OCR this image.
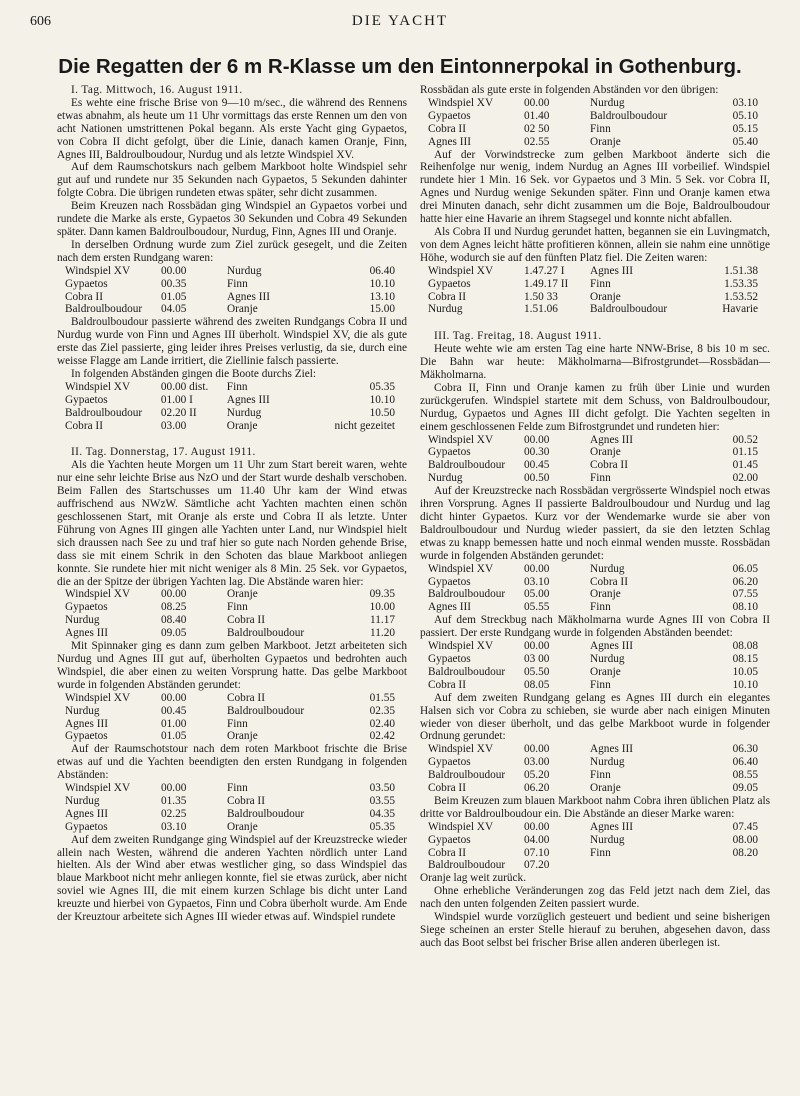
606	DIE YACHT
Die Regatten der 6 m R-Klasse um den Eintonnerpokal in Gothenburg.

I. Tag. Mittwoch, 16. August 1911.

Es wehte eine frische Brise von 9—10 m/sec., die während des Rennens etwas abnahm, als heute um 11 Uhr vormittags das erste Rennen um den von acht Nationen umstrittenen Pokal begann. Als erste Yacht ging Gypaetos, von Cobra II dicht gefolgt, über die Linie, danach kamen Oranje, Finn, Agnes III, Baldroulboudour, Nurdug und als letzte Windspiel XV.

Auf dem Raumschotskurs nach gelbem Markboot holte Windspiel sehr gut auf und rundete nur 35 Sekunden nach Gypaetos, 5 Sekunden dahinter folgte Cobra. Die übrigen rundeten etwas später, sehr dicht zusammen.

Beim Kreuzen nach Rossbädan ging Windspiel an Gypaetos vorbei und rundete die Marke als erste, Gypaetos 30 Sekunden und Cobra 49 Sekunden später. Dann kamen Baldroulboudour, Nurdug, Finn, Agnes III und Oranje.

In derselben Ordnung wurde zum Ziel zurück gesegelt, und die Zeiten nach dem ersten Rundgang waren:

Windspiel XV	00.00	Nurdug	06.40
Gypaetos	00.35	Finn	10.10
Cobra II	01.05	Agnes III	13.10
Baldroulboudour	04.05	Oranje	15.00

Baldroulboudour passierte während des zweiten Rundgangs Cobra II und Nurdug wurde von Finn und Agnes III überholt. Windspiel XV, die als gute erste das Ziel passierte, ging leider ihres Preises verlustig, da sie, durch eine weisse Flagge am Lande irritiert, die Ziellinie falsch passierte.

In folgenden Abständen gingen die Boote durchs Ziel:

Windspiel XV	00.00 dist.	Finn	05.35
Gypaetos	01.00 I	Agnes III	10.10
Baldroulboudour	02.20 II	Nurdug	10.50
Cobra II	03.00	Oranje	nicht gezeitet

II. Tag. Donnerstag, 17. August 1911.

Als die Yachten heute Morgen um 11 Uhr zum Start bereit waren, wehte nur eine sehr leichte Brise aus NzO und der Start wurde deshalb verschoben. Beim Fallen des Startschusses um 11.40 Uhr kam der Wind etwas auffrischend aus NWzW. Sämtliche acht Yachten machten einen schön geschlossenen Start, mit Oranje als erste und Cobra II als letzte. Unter Führung von Agnes III gingen alle Yachten unter Land, nur Windspiel hielt sich draussen nach See zu und traf hier so gute nach Norden gehende Brise, dass sie mit einem Schrik in den Schoten das blaue Markboot anliegen konnte. Sie rundete hier mit nicht weniger als 8 Min. 25 Sek. vor Gypaetos, die an der Spitze der übrigen Yachten lag. Die Abstände waren hier:

Windspiel XV	00.00	Oranje	09.35
Gypaetos	08.25	Finn	10.00
Nurdug	08.40	Cobra II	11.17
Agnes III	09.05	Baldroulboudour	11.20

Mit Spinnaker ging es dann zum gelben Markboot. Jetzt arbeiteten sich Nurdug und Agnes III gut auf, überholten Gypaetos und bedrohten auch Windspiel, die aber einen zu weiten Vorsprung hatte. Das gelbe Markboot wurde in folgenden Abständen gerundet:

Windspiel XV	00.00	Cobra II	01.55
Nurdug	00.45	Baldroulboudour	02.35
Agnes III	01.00	Finn	02.40
Gypaetos	01.05	Oranje	02.42

Auf der Raumschotstour nach dem roten Markboot frischte die Brise etwas auf und die Yachten beendigten den ersten Rundgang in folgenden Abständen:

Windspiel XV	00.00	Finn	03.50
Nurdug	01.35	Cobra II	03.55
Agnes III	02.25	Baldroulboudour	04.35
Gypaetos	03.10	Oranje	05.35

Auf dem zweiten Rundgange ging Windspiel auf der Kreuzstrecke wieder allein nach Westen, während die anderen Yachten nördlich unter Land hielten. Als der Wind aber etwas westlicher ging, so dass Windspiel das blaue Markboot nicht mehr anliegen konnte, fiel sie etwas zurück, aber nicht soviel wie Agnes III, die mit einem kurzen Schlage bis dicht unter Land kreuzte und hierbei von Gypaetos, Finn und Cobra überholt wurde. Am Ende der Kreuztour arbeitete sich Agnes III wieder etwas auf. Windspiel rundete

Rossbädan als gute erste in folgenden Abständen vor den übrigen:

Windspiel XV	00.00	Nurdug	03.10
Gypaetos	01.40	Baldroulboudour	05.10
Cobra II	02 50	Finn	05.15
Agnes III	02.55	Oranje	05.40

Auf der Vorwindstrecke zum gelben Markboot änderte sich die Reihenfolge nur wenig, indem Nurdug an Agnes III vorbeilief. Windspiel rundete hier 1 Min. 16 Sek. vor Gypaetos und 3 Min. 5 Sek. vor Cobra II, Agnes und Nurdug wenige Sekunden später. Finn und Oranje kamen etwa drei Minuten danach, sehr dicht zusammen um die Boje, Baldroulboudour hatte hier eine Havarie an ihrem Stagsegel und konnte nicht abfallen.

Als Cobra II und Nurdug gerundet hatten, begannen sie ein Luvingmatch, von dem Agnes leicht hätte profitieren können, allein sie nahm eine unnötige Höhe, wodurch sie auf den fünften Platz fiel. Die Zeiten waren:

Windspiel XV	1.47.27 I	Agnes III	1.51.38
Gypaetos	1.49.17 II	Finn	1.53.35
Cobra II	1.50 33	Oranje	1.53.52
Nurdug	1.51.06	Baldroulboudour	Havarie

III. Tag. Freitag, 18. August 1911.

Heute wehte wie am ersten Tag eine harte NNW-Brise, 8 bis 10 m sec. Die Bahn war heute: Mäkholmarna—Bifrostgrundet—Rossbädan—Mäkholmarna.

Cobra II, Finn und Oranje kamen zu früh über Linie und wurden zurückgerufen. Windspiel startete mit dem Schuss, von Baldroulboudour, Nurdug, Gypaetos und Agnes III dicht gefolgt. Die Yachten segelten in einem geschlossenen Felde zum Bifrostgrundet und rundeten hier:

Windspiel XV	00.00	Agnes III	00.52
Gypaetos	00.30	Oranje	01.15
Baldroulboudour	00.45	Cobra II	01.45
Nurdug	00.50	Finn	02.00

Auf der Kreuzstrecke nach Rossbädan vergrösserte Windspiel noch etwas ihren Vorsprung. Agnes II passierte Baldroulboudour und Nurdug und lag dicht hinter Gypaetos. Kurz vor der Wendemarke wurde sie aber von Baldroulboudour und Nurdug wieder passiert, da sie den letzten Schlag etwas zu knapp bemessen hatte und noch einmal wenden musste. Rossbädan wurde in folgenden Abständen gerundet:

Windspiel XV	00.00	Nurdug	06.05
Gypaetos	03.10	Cobra II	06.20
Baldroulboudour	05.00	Oranje	07.55
Agnes III	05.55	Finn	08.10

Auf dem Streckbug nach Mäkholmarna wurde Agnes III von Cobra II passiert. Der erste Rundgang wurde in folgenden Abständen beendet:

Windspiel XV	00.00	Agnes III	08.08
Gypaetos	03 00	Nurdug	08.15
Baldroulboudour	05.50	Oranje	10.05
Cobra II	08.05	Finn	10.10

Auf dem zweiten Rundgang gelang es Agnes III durch ein elegantes Halsen sich vor Cobra zu schieben, sie wurde aber nach einigen Minuten wieder von dieser überholt, und das gelbe Markboot wurde in folgender Ordnung gerundet:

Windspiel XV	00.00	Agnes III	06.30
Gypaetos	03.00	Nurdug	06.40
Baldroulboudour	05.20	Finn	08.55
Cobra II	06.20	Oranje	09.05

Beim Kreuzen zum blauen Markboot nahm Cobra ihren üblichen Platz als dritte vor Baldroulboudour ein. Die Abstände an dieser Marke waren:

Windspiel XV	00.00	Agnes III	07.45
Gypaetos	04.00	Nurdug	08.00
Cobra II	07.10	Finn	08.20
Baldroulboudour	07.20		

Oranje lag weit zurück.

Ohne erhebliche Veränderungen zog das Feld jetzt nach dem Ziel, das nach den unten folgenden Zeiten passiert wurde.

Windspiel wurde vorzüglich gesteuert und bedient und seine bisherigen Siege scheinen an erster Stelle hierauf zu beruhen, abgesehen davon, dass auch das Boot selbst bei frischer Brise allen anderen überlegen ist.
